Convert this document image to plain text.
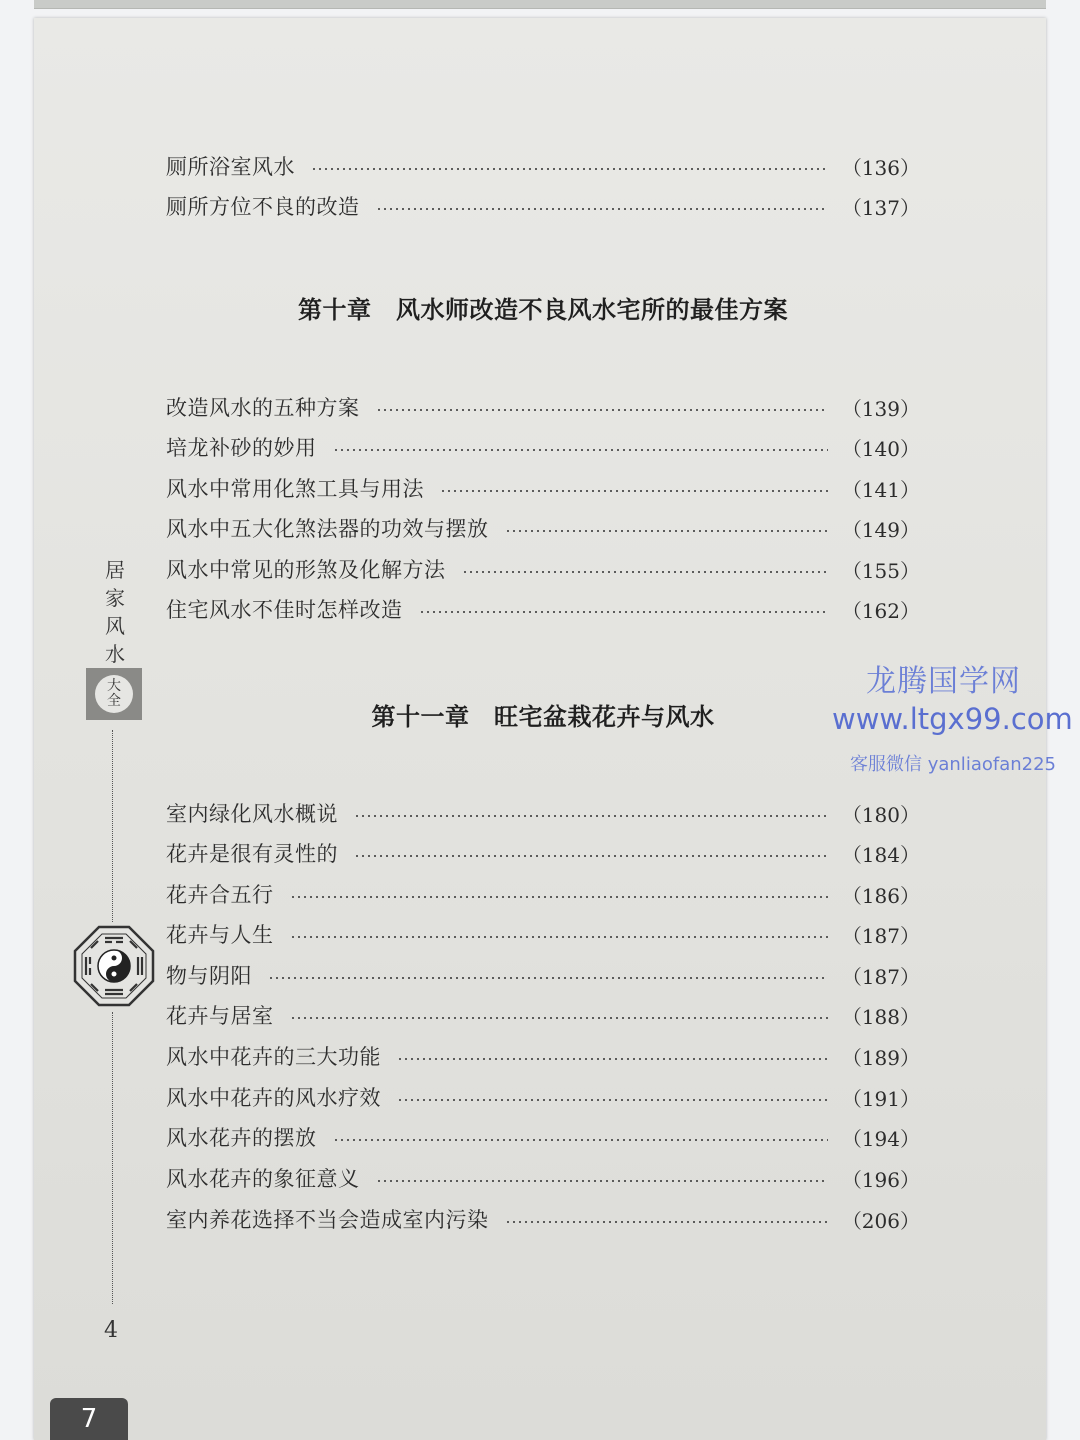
厕所浴室风水	（136）
厕所方位不良的改造	（137）
第十章　风水师改造不良风水宅所的最佳方案
改造风水的五种方案	（139）
培龙补砂的妙用	（140）
风水中常用化煞工具与用法	（141）
风水中五大化煞法器的功效与摆放	（149）
风水中常见的形煞及化解方法	（155）
住宅风水不佳时怎样改造	（162）
第十一章　旺宅盆栽花卉与风水
室内绿化风水概说	（180）
花卉是很有灵性的	（184）
花卉合五行	（186）
花卉与人生	（187）
物与阴阳	（187）
花卉与居室	（188）
风水中花卉的三大功能	（189）
风水中花卉的风水疗效	（191）
风水花卉的摆放	（194）
风水花卉的象征意义	（196）
室内养花选择不当会造成室内污染	（206）
居
家
风
水
大
全
4
7
龙腾国学网
www.ltgx99.com
客服微信 yanliaofan225
